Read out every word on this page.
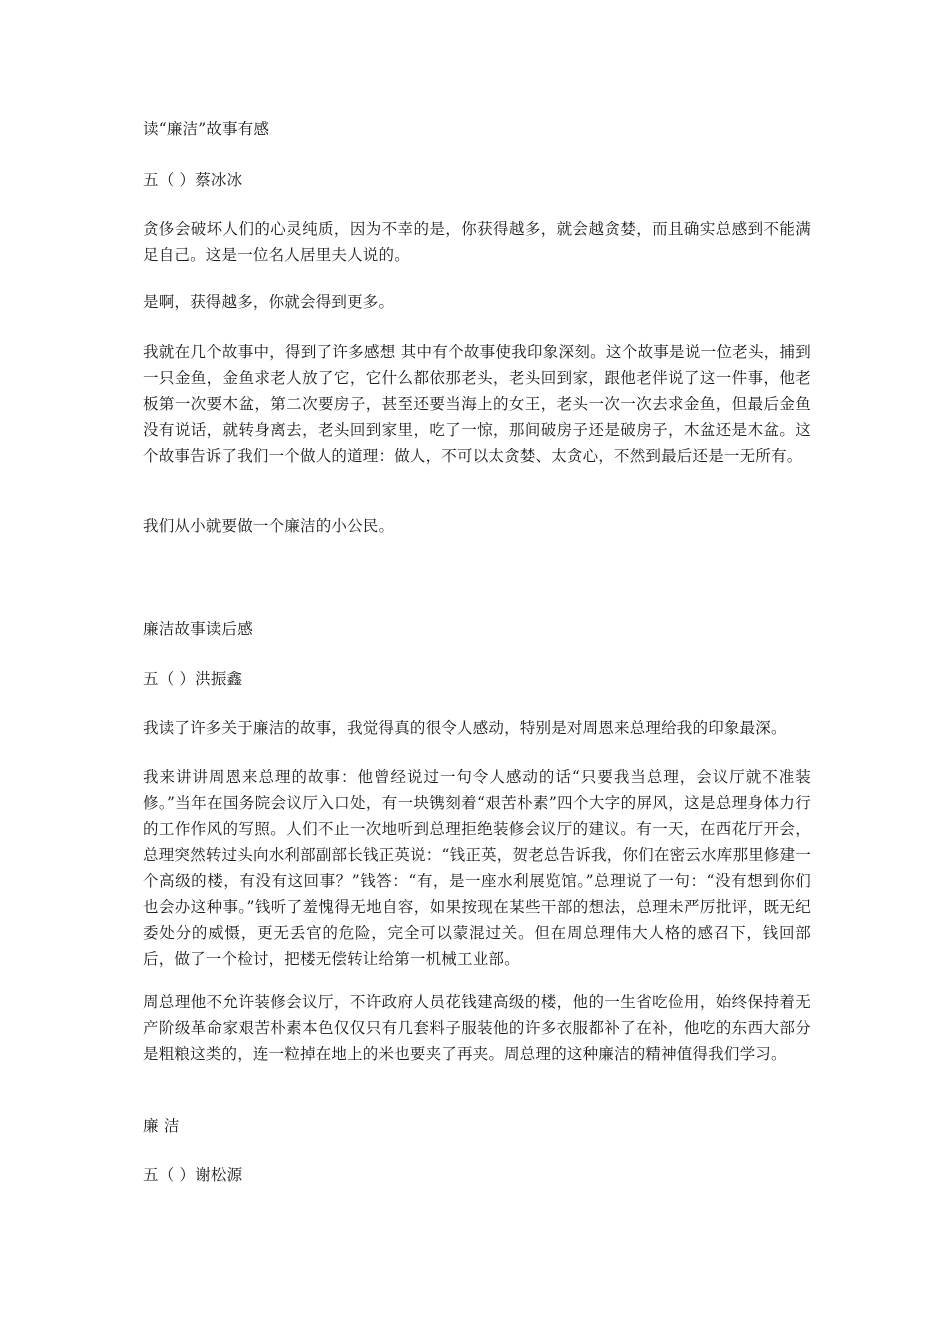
读“廉洁”故事有感

五（ ）蔡冰冰

贪侈会破坏人们的心灵纯质，因为不幸的是，你获得越多，就会越贪婪，而且确实总感到不能满足自己。这是一位名人居里夫人说的。

是啊，获得越多，你就会得到更多。

我就在几个故事中，得到了许多感想 其中有个故事使我印象深刻。这个故事是说一位老头，捕到一只金鱼，金鱼求老人放了它，它什么都依那老头，老头回到家，跟他老伴说了这一件事，他老板第一次要木盆，第二次要房子，甚至还要当海上的女王，老头一次一次去求金鱼，但最后金鱼没有说话，就转身离去，老头回到家里，吃了一惊，那间破房子还是破房子，木盆还是木盆。这个故事告诉了我们一个做人的道理：做人，不可以太贪婪、太贪心，不然到最后还是一无所有。

我们从小就要做一个廉洁的小公民。

廉洁故事读后感

五（ ）洪振鑫

我读了许多关于廉洁的故事，我觉得真的很令人感动，特别是对周恩来总理给我的印象最深。

我来讲讲周恩来总理的故事：他曾经说过一句令人感动的话“只要我当总理，会议厅就不准装修。”当年在国务院会议厅入口处，有一块镌刻着“艰苦朴素”四个大字的屏风，这是总理身体力行的工作作风的写照。人们不止一次地听到总理拒绝装修会议厅的建议。有一天，在西花厅开会，总理突然转过头向水利部副部长钱正英说：“钱正英，贺老总告诉我，你们在密云水库那里修建一个高级的楼，有没有这回事？”钱答：“有，是一座水利展览馆。”总理说了一句：“没有想到你们也会办这种事。”钱听了羞愧得无地自容，如果按现在某些干部的想法，总理未严厉批评，既无纪委处分的威慑，更无丢官的危险，完全可以蒙混过关。但在周总理伟大人格的感召下，钱回部后，做了一个检讨，把楼无偿转让给第一机械工业部。

周总理他不允许装修会议厅，不许政府人员花钱建高级的楼，他的一生省吃俭用，始终保持着无产阶级革命家艰苦朴素本色仅仅只有几套料子服装他的许多衣服都补了在补，他吃的东西大部分是粗粮这类的，连一粒掉在地上的米也要夹了再夹。周总理的这种廉洁的精神值得我们学习。

廉 洁

五（ ）谢松源
